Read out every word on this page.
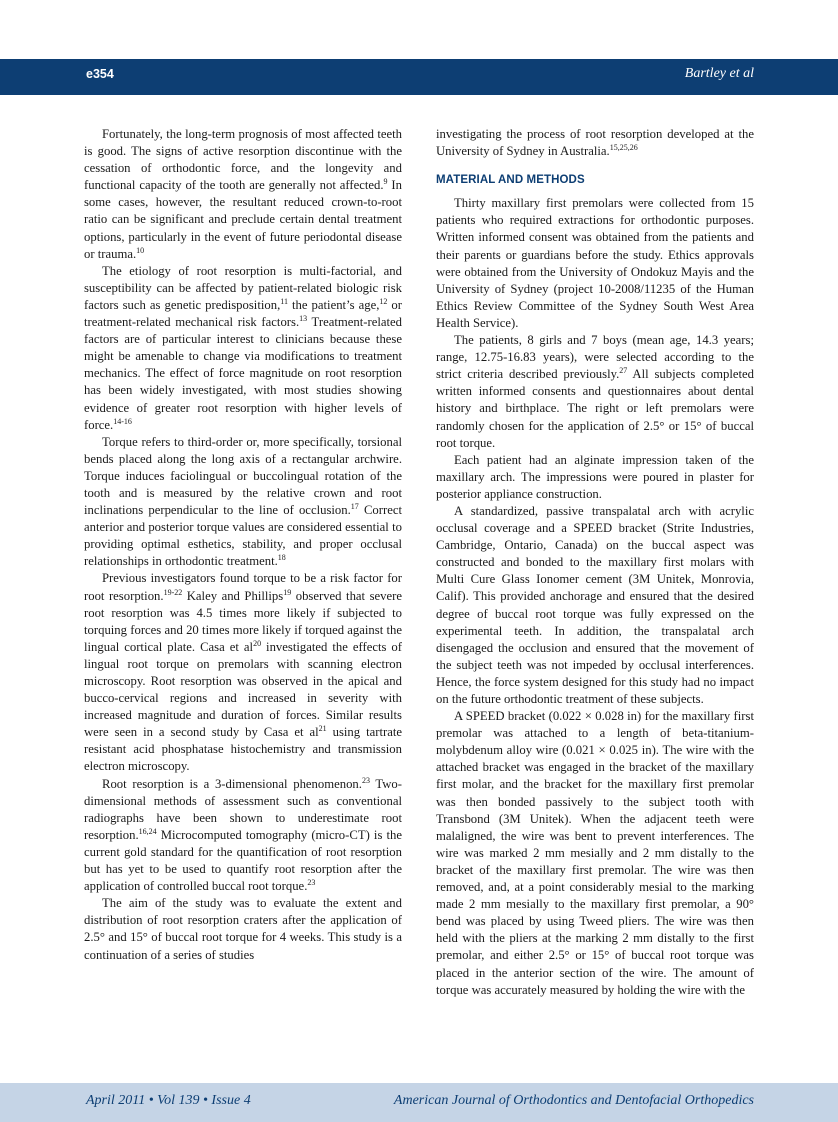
e354	Bartley et al

Fortunately, the long-term prognosis of most affected teeth is good. The signs of active resorption discontinue with the cessation of orthodontic force, and the longevity and functional capacity of the tooth are generally not affected.$^9$ In some cases, however, the resultant reduced crown-to-root ratio can be significant and preclude certain dental treatment options, particularly in the event of future periodontal disease or trauma.$^{10}$

The etiology of root resorption is multi-factorial, and susceptibility can be affected by patient-related biologic risk factors such as genetic predisposition,$^{11}$ the patient’s age,$^{12}$ or treatment-related mechanical risk factors.$^{13}$ Treatment-related factors are of particular interest to clinicians because these might be amenable to change via modifications to treatment mechanics. The effect of force magnitude on root resorption has been widely investigated, with most studies showing evidence of greater root resorption with higher levels of force.$^{14-16}$

Torque refers to third-order or, more specifically, torsional bends placed along the long axis of a rectangular archwire. Torque induces faciolingual or buccolingual rotation of the tooth and is measured by the relative crown and root inclinations perpendicular to the line of occlusion.$^{17}$ Correct anterior and posterior torque values are considered essential to providing optimal esthetics, stability, and proper occlusal relationships in orthodontic treatment.$^{18}$

Previous investigators found torque to be a risk factor for root resorption.$^{19-22}$ Kaley and Phillips$^{19}$ observed that severe root resorption was 4.5 times more likely if subjected to torquing forces and 20 times more likely if torqued against the lingual cortical plate. Casa et $al^{20}$ investigated the effects of lingual root torque on premolars with scanning electron microscopy. Root resorption was observed in the apical and bucco-cervical regions and increased in severity with increased magnitude and duration of forces. Similar results were seen in a second study by Casa et $al^{21}$ using tartrate resistant acid phosphatase histochemistry and transmission electron microscopy.

Root resorption is a 3-dimensional phenomenon.$^{23}$ Two-dimensional methods of assessment such as conventional radiographs have been shown to underestimate root resorption.$^{16,24}$ Microcomputed tomography (micro-CT) is the current gold standard for the quantification of root resorption but has yet to be used to quantify root resorption after the application of controlled buccal root torque.$^{23}$

The aim of the study was to evaluate the extent and distribution of root resorption craters after the application of 2.5° and 15° of buccal root torque for 4 weeks. This study is a continuation of a series of studies

investigating the process of root resorption developed at the University of Sydney in Australia.$^{15,25,26}$

MATERIAL AND METHODS

Thirty maxillary first premolars were collected from 15 patients who required extractions for orthodontic purposes. Written informed consent was obtained from the patients and their parents or guardians before the study. Ethics approvals were obtained from the University of Ondokuz Mayis and the University of Sydney (project 10-2008/11235 of the Human Ethics Review Committee of the Sydney South West Area Health Service).

The patients, 8 girls and 7 boys (mean age, 14.3 years; range, 12.75-16.83 years), were selected according to the strict criteria described previously.$^{27}$ All subjects completed written informed consents and questionnaires about dental history and birthplace. The right or left premolars were randomly chosen for the application of 2.5° or 15° of buccal root torque.

Each patient had an alginate impression taken of the maxillary arch. The impressions were poured in plaster for posterior appliance construction.

A standardized, passive transpalatal arch with acrylic occlusal coverage and a SPEED bracket (Strite Industries, Cambridge, Ontario, Canada) on the buccal aspect was constructed and bonded to the maxillary first molars with Multi Cure Glass Ionomer cement (3M Unitek, Monrovia, Calif). This provided anchorage and ensured that the desired degree of buccal root torque was fully expressed on the experimental teeth. In addition, the transpalatal arch disengaged the occlusion and ensured that the movement of the subject teeth was not impeded by occlusal interferences. Hence, the force system designed for this study had no impact on the future orthodontic treatment of these subjects.

A SPEED bracket (0.022 × 0.028 in) for the maxillary first premolar was attached to a length of beta-titanium-molybdenum alloy wire (0.021 × 0.025 in). The wire with the attached bracket was engaged in the bracket of the maxillary first molar, and the bracket for the maxillary first premolar was then bonded passively to the subject tooth with Transbond (3M Unitek). When the adjacent teeth were malaligned, the wire was bent to prevent interferences. The wire was marked 2 mm mesially and 2 mm distally to the bracket of the maxillary first premolar. The wire was then removed, and, at a point considerably mesial to the marking made 2 mm mesially to the maxillary first premolar, a 90° bend was placed by using Tweed pliers. The wire was then held with the pliers at the marking 2 mm distally to the first premolar, and either 2.5° or 15° of buccal root torque was placed in the anterior section of the wire. The amount of torque was accurately measured by holding the wire with the

April 2011 • Vol 139 • Issue 4	American Journal of Orthodontics and Dentofacial Orthopedics
